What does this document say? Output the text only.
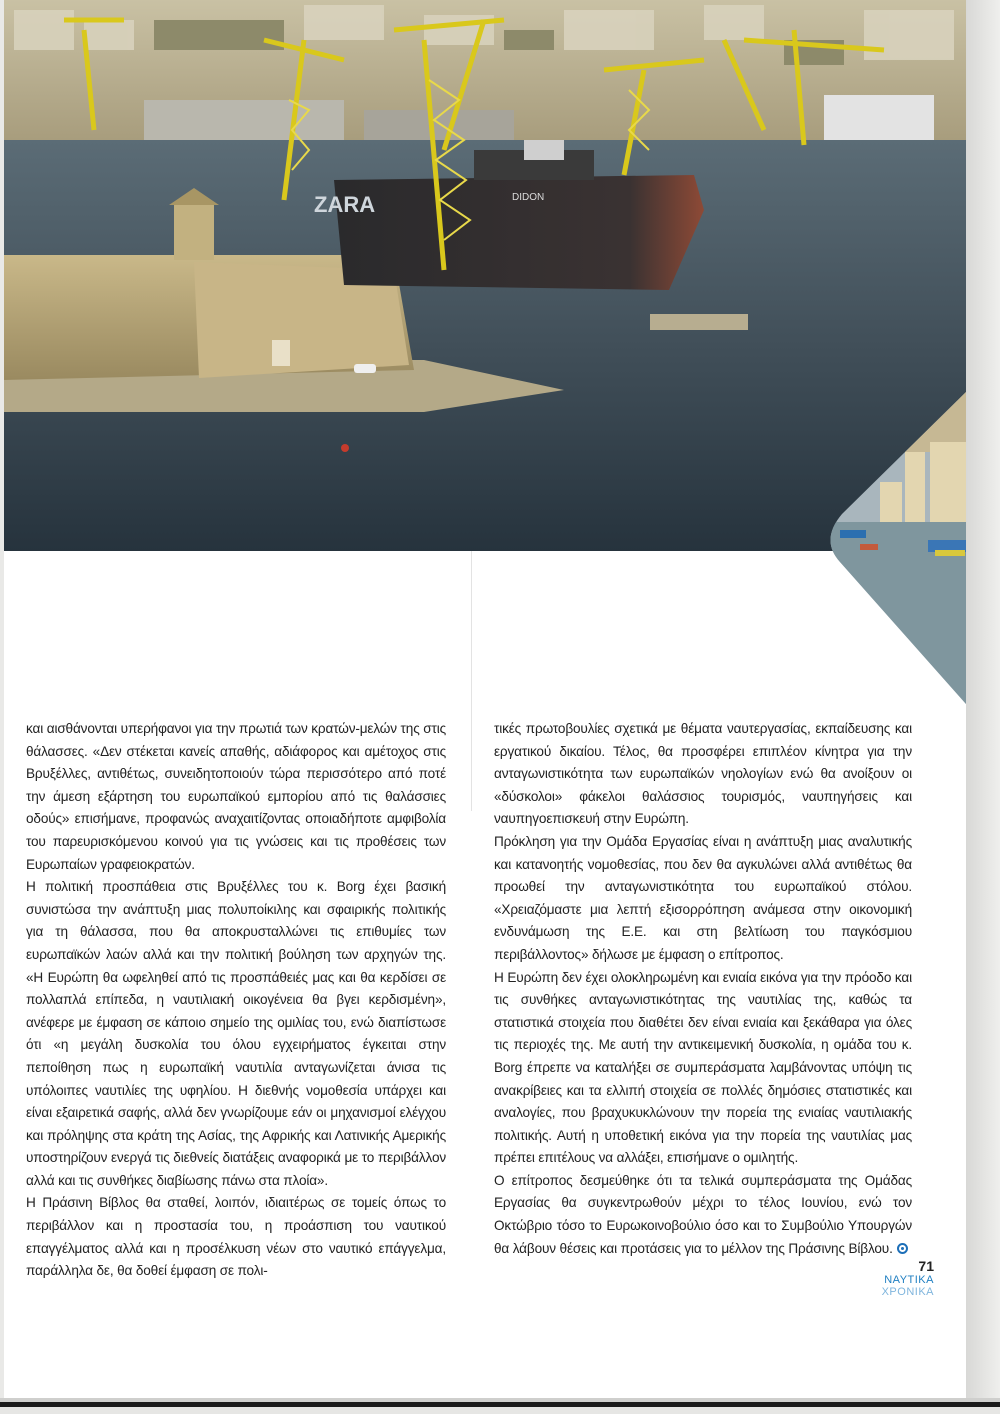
DIDON
ZARA

και αισθάνονται υπερήφανοι για την πρωτιά των κρατών-μελών της στις θάλασσες. «Δεν στέκεται κανείς απαθής, αδιάφορος και αμέτοχος στις Βρυξέλλες, αντιθέτως, συνειδητοποιούν τώρα περισσότερο από ποτέ την άμεση εξάρτηση του ευρωπαϊκού εμπορίου από τις θαλάσσιες οδούς» επισήμανε, προφανώς αναχαιτίζοντας οποιαδήποτε αμφιβολία του παρευρισκόμενου κοινού για τις γνώσεις και τις προθέσεις των Ευρωπαίων γραφειοκρατών.

Η πολιτική προσπάθεια στις Βρυξέλλες του κ. Borg έχει βασική συνιστώσα την ανάπτυξη μιας πολυποίκιλης και σφαιρικής πολιτικής για τη θάλασσα, που θα αποκρυσταλλώνει τις επιθυμίες των ευρωπαϊκών λαών αλλά και την πολιτική βούληση των αρχηγών της. «Η Ευρώπη θα ωφεληθεί από τις προσπάθειές μας και θα κερδίσει σε πολλαπλά επίπεδα, η ναυτιλιακή οικογένεια θα βγει κερδισμένη», ανέφερε με έμφαση σε κάποιο σημείο της ομιλίας του, ενώ διαπίστωσε ότι «η μεγάλη δυσκολία του όλου εγχειρήματος έγκειται στην πεποίθηση πως η ευρωπαϊκή ναυτιλία ανταγωνίζεται άνισα τις υπόλοιπες ναυτιλίες της υφηλίου. Η διεθνής νομοθεσία υπάρχει και είναι εξαιρετικά σαφής, αλλά δεν γνωρίζουμε εάν οι μηχανισμοί ελέγχου και πρόληψης στα κράτη της Ασίας, της Αφρικής και Λατινικής Αμερικής υποστηρίζουν ενεργά τις διεθνείς διατάξεις αναφορικά με το περιβάλλον αλλά και τις συνθήκες διαβίωσης πάνω στα πλοία».

Η Πράσινη Βίβλος θα σταθεί, λοιπόν, ιδιαιτέρως σε τομείς όπως το περιβάλλον και η προστασία του, η προάσπιση του ναυτικού επαγγέλματος αλλά και η προσέλκυση νέων στο ναυτικό επάγγελμα, παράλληλα δε, θα δοθεί έμφαση σε πολι-

τικές πρωτοβουλίες σχετικά με θέματα ναυτεργασίας, εκπαίδευσης και εργατικού δικαίου. Τέλος, θα προσφέρει επιπλέον κίνητρα για την ανταγωνιστικότητα των ευρωπαϊκών νηολογίων ενώ θα ανοίξουν οι «δύσκολοι» φάκελοι θαλάσσιος τουρισμός, ναυπηγήσεις και ναυπηγοεπισκευή στην Ευρώπη.

Πρόκληση για την Ομάδα Εργασίας είναι η ανάπτυξη μιας αναλυτικής και κατανοητής νομοθεσίας, που δεν θα αγκυλώνει αλλά αντιθέτως θα προωθεί την ανταγωνιστικότητα του ευρωπαϊκού στόλου. «Χρειαζόμαστε μια λεπτή εξισορρόπηση ανάμεσα στην οικονομική ενδυνάμωση της Ε.Ε. και στη βελτίωση του παγκόσμιου περιβάλλοντος» δήλωσε με έμφαση ο επίτροπος.

Η Ευρώπη δεν έχει ολοκληρωμένη και ενιαία εικόνα για την πρόοδο και τις συνθήκες ανταγωνιστικότητας της ναυτιλίας της, καθώς τα στατιστικά στοιχεία που διαθέτει δεν είναι ενιαία και ξεκάθαρα για όλες τις περιοχές της. Με αυτή την αντικειμενική δυσκολία, η ομάδα του κ. Borg έπρεπε να καταλήξει σε συμπεράσματα λαμβάνοντας υπόψη τις ανακρίβειες και τα ελλιπή στοιχεία σε πολλές δημόσιες στατιστικές και αναλογίες, που βραχυκυκλώνουν την πορεία της ενιαίας ναυτιλιακής πολιτικής. Αυτή η υποθετική εικόνα για την πορεία της ναυτιλίας μας πρέπει επιτέλους να αλλάξει, επισήμανε ο ομιλητής.

Ο επίτροπος δεσμεύθηκε ότι τα τελικά συμπεράσματα της Ομάδας Εργασίας θα συγκεντρωθούν μέχρι το τέλος Ιουνίου, ενώ τον Οκτώβριο τόσο το Ευρωκοινοβούλιο όσο και το Συμβούλιο Υπουργών θα λάβουν θέσεις και προτάσεις για το μέλλον της Πράσινης Βίβλου.

71
ΝΑΥΤΙΚΑ
ΧΡΟΝΙΚΑ
